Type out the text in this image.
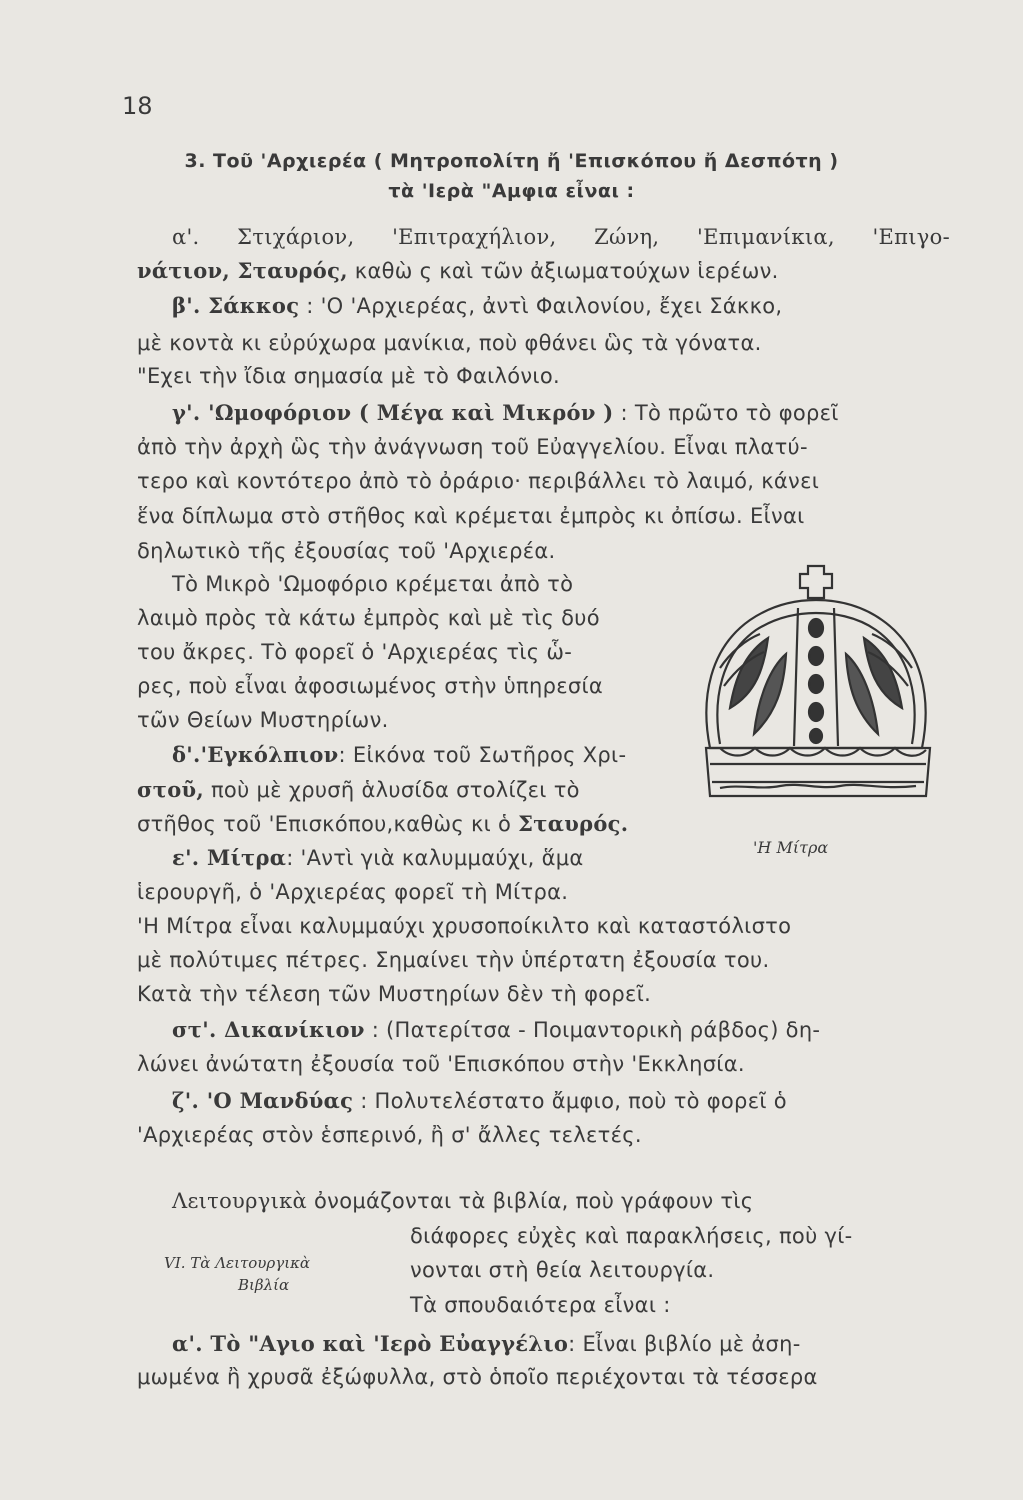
18
3. Τοῦ 'Αρχιερέα ( Μητροπολίτη ἤ 'Επισκόπου ἤ Δεσπότη )
τὰ 'Ιερὰ "Αμφια εἶναι :
α'. Στιχάριον, 'Επιτραχήλιον, Ζώνη, 'Επιμανίκια, 'Επιγο-
νάτιον, Σταυρός, καθὼ ς καὶ τῶν ἀξιωματούχων ἱερέων.
β'. Σάκκος : 'Ο 'Αρχιερέας, ἀντὶ Φαιλονίου, ἔχει Σάκκο,
μὲ κοντὰ κι εὐρύχωρα μανίκια, ποὺ φθάνει ὣς τὰ γόνατα.
"Εχει τὴν ἴδια σημασία μὲ τὸ Φαιλόνιο.
γ'. 'Ωμοφόριον ( Μέγα καὶ Μικρόν ) : Τὸ πρῶτο τὸ φορεῖ
ἀπὸ τὴν ἀρχὴ ὣς τὴν ἀνάγνωση τοῦ Εὐαγγελίου. Εἶναι πλατύ-
τερο καὶ κοντότερο ἀπὸ τὸ ὀράριο· περιβάλλει τὸ λαιμό, κάνει
ἕνα δίπλωμα στὸ στῆθος καὶ κρέμεται ἐμπρὸς κι ὀπίσω. Εἶναι
δηλωτικὸ τῆς ἐξουσίας τοῦ 'Αρχιερέα.
Τὸ Μικρὸ 'Ωμοφόριο κρέμεται ἀπὸ τὸ
λαιμὸ πρὸς τὰ κάτω ἐμπρὸς καὶ μὲ τὶς δυό
του ἄκρες. Τὸ φορεῖ ὁ 'Αρχιερέας τὶς ὧ-
ρες, ποὺ εἶναι ἀφοσιωμένος στὴν ὑπηρεσία
τῶν Θείων Μυστηρίων.
δ'.'Εγκόλπιον: Εἰκόνα τοῦ Σωτῆρος Χρι-
στοῦ, ποὺ μὲ χρυσῆ ἁλυσίδα στολίζει τὸ
στῆθος τοῦ 'Επισκόπου,καθὼς κι ὁ Σταυρός.
ε'. Μίτρα: 'Αντὶ γιὰ καλυμμαύχι, ἅμα
ἱερουργῆ, ὁ 'Αρχιερέας φορεῖ τὴ Μίτρα.
'Η Μίτρα εἶναι καλυμμαύχι χρυσοποίκιλτο καὶ καταστόλιστο
μὲ πολύτιμες πέτρες. Σημαίνει τὴν ὑπέρτατη ἐξουσία του.
Κατὰ τὴν τέλεση τῶν Μυστηρίων δὲν τὴ φορεῖ.
στ'. Δικανίκιον : (Πατερίτσα - Ποιμαντορικὴ ράβδος) δη-
λώνει ἀνώτατη ἐξουσία τοῦ 'Επισκόπου στὴν 'Εκκλησία.
ζ'. 'Ο Μανδύας : Πολυτελέστατο ἄμφιο, ποὺ τὸ φορεῖ ὁ
'Αρχιερέας στὸν ἑσπερινό, ἢ σ' ἄλλες τελετές.
'Η Μίτρα
Λειτουργικὰ ὀνομάζονται τὰ βιβλία, ποὺ γράφουν τὶς
διάφορες εὐχὲς καὶ παρακλήσεις, ποὺ γί-
VI. Τὰ Λειτουργικὰ
Βιβλία
νονται στὴ θεία λειτουργία.
Τὰ σπουδαιότερα εἶναι :
α'. Τὸ "Αγιο καὶ 'Ιερὸ Εὐαγγέλιο: Εἶναι βιβλίο μὲ ἀση-
μωμένα ἢ χρυσᾶ ἐξώφυλλα, στὸ ὁποῖο περιέχονται τὰ τέσσερα
